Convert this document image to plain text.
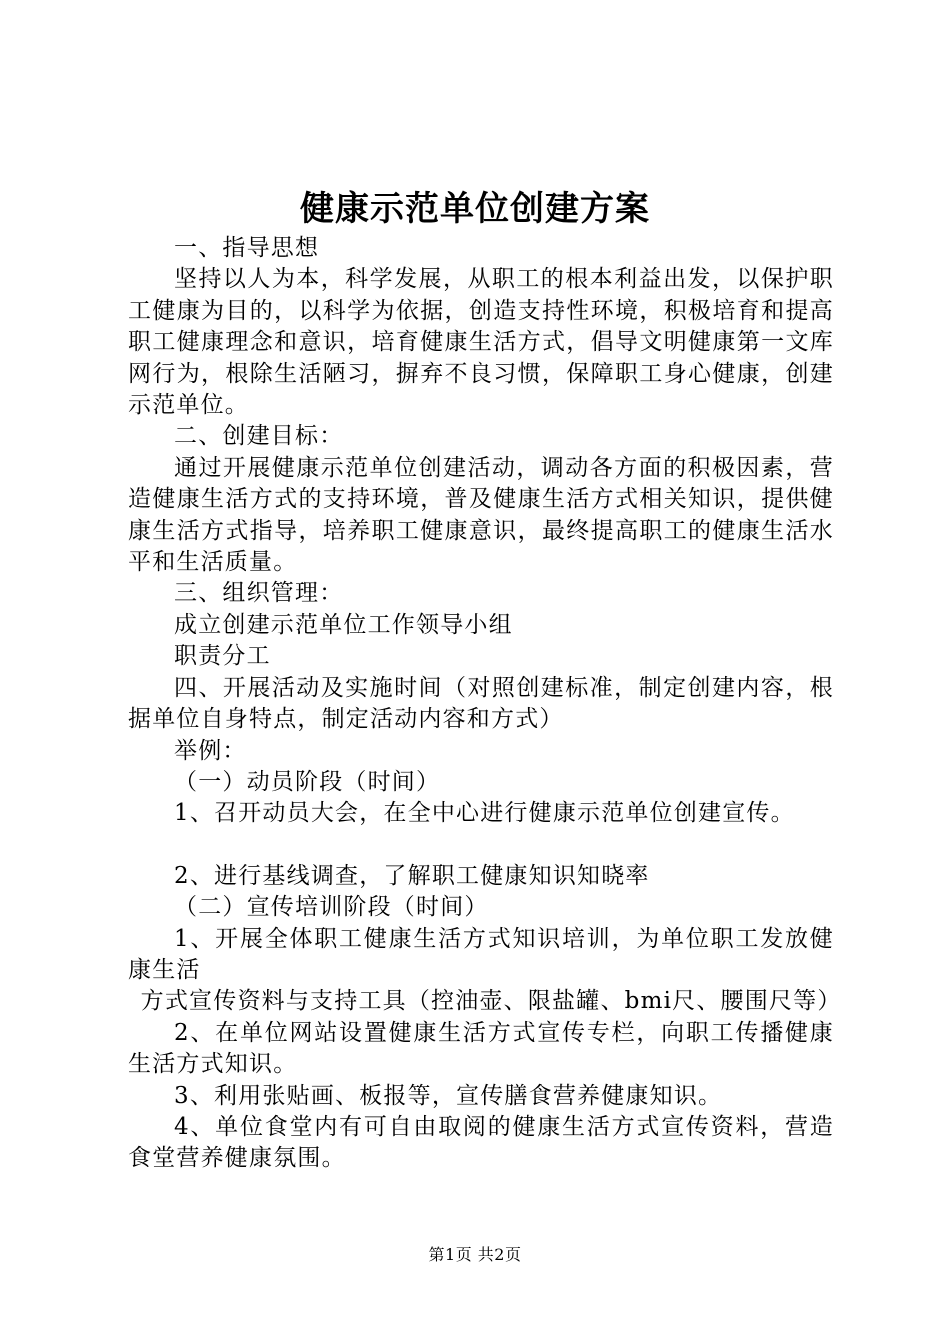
健康示范单位创建方案

一、指导思想

坚持以人为本，科学发展，从职工的根本利益出发，以保护职工健康为目的，以科学为依据，创造支持性环境，积极培育和提高职工健康理念和意识，培育健康生活方式，倡导文明健康第一文库网行为，根除生活陋习，摒弃不良习惯，保障职工身心健康，创建示范单位。

二、创建目标：

通过开展健康示范单位创建活动，调动各方面的积极因素，营造健康生活方式的支持环境，普及健康生活方式相关知识，提供健康生活方式指导，培养职工健康意识，最终提高职工的健康生活水平和生活质量。

三、组织管理：

成立创建示范单位工作领导小组

职责分工

四、开展活动及实施时间（对照创建标准，制定创建内容，根据单位自身特点，制定活动内容和方式）

举例：

（一）动员阶段（时间）

1、召开动员大会，在全中心进行健康示范单位创建宣传。

2、进行基线调查，了解职工健康知识知晓率

（二）宣传培训阶段（时间）

1、开展全体职工健康生活方式知识培训，为单位职工发放健康生活

方式宣传资料与支持工具（控油壶、限盐罐、bmi尺、腰围尺等）

2、在单位网站设置健康生活方式宣传专栏，向职工传播健康生活方式知识。

3、利用张贴画、板报等，宣传膳食营养健康知识。

4、单位食堂内有可自由取阅的健康生活方式宣传资料，营造食堂营养健康氛围。

第1页 共2页
